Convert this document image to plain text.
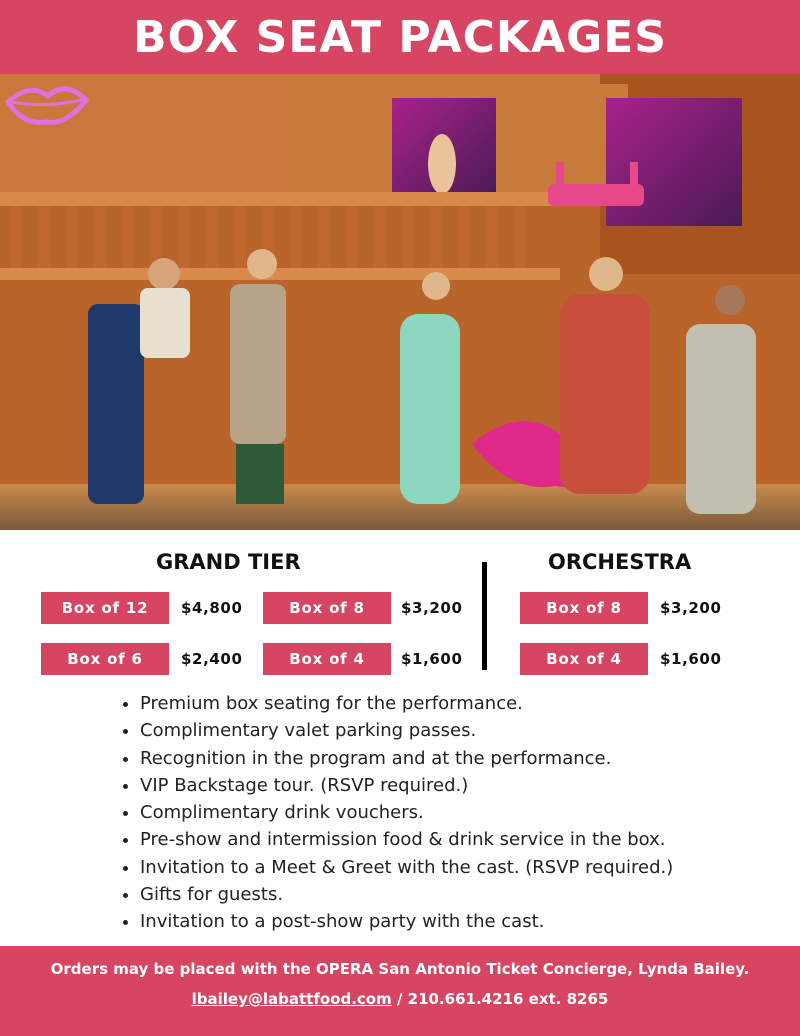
BOX SEAT PACKAGES
GRAND TIER	ORCHESTRA
Box of 12	$4,800	Box of 8	$3,200
Box of 6	$2,400	Box of 4	$1,600
Box of 8	$3,200
Box of 4	$1,600
• Premium box seating for the performance.
• Complimentary valet parking passes.
• Recognition in the program and at the performance.
• VIP Backstage tour. (RSVP required.)
• Complimentary drink vouchers.
• Pre-show and intermission food & drink service in the box.
• Invitation to a Meet & Greet with the cast. (RSVP required.)
• Gifts for guests.
• Invitation to a post-show party with the cast.
Orders may be placed with the OPERA San Antonio Ticket Concierge, Lynda Bailey.
lbailey@labattfood.com / 210.661.4216 ext. 8265
